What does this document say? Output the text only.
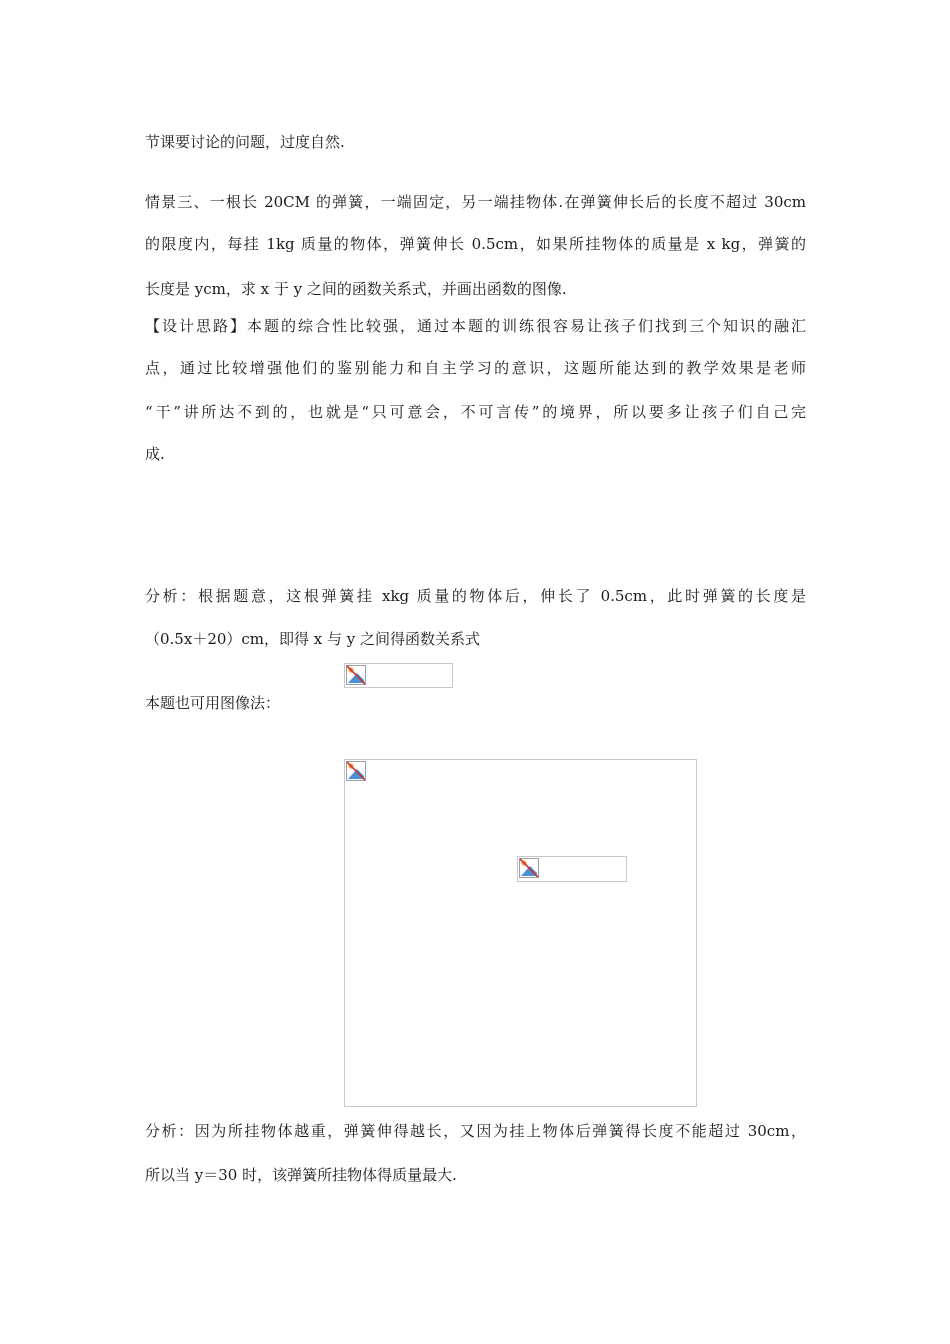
节课要讨论的问题，过度自然.
情景三、一根长 20CM 的弹簧，一端固定，另一端挂物体.在弹簧伸长后的长度不超过 30cm
的限度内，每挂 1kg 质量的物体，弹簧伸长 0.5cm，如果所挂物体的质量是 x kg，弹簧的
长度是 ycm，求 x 于 y 之间的函数关系式，并画出函数的图像.
【设计思路】本题的综合性比较强，通过本题的训练很容易让孩子们找到三个知识的融汇
点，通过比较增强他们的鉴别能力和自主学习的意识，这题所能达到的教学效果是老师
“干”讲所达不到的，也就是“只可意会，不可言传”的境界，所以要多让孩子们自己完
成.
分析：根据题意，这根弹簧挂 xkg 质量的物体后，伸长了 0.5cm，此时弹簧的长度是
（0.5x＋20）cm，即得 x 与 y 之间得函数关系式
本题也可用图像法：
分析：因为所挂物体越重，弹簧伸得越长，又因为挂上物体后弹簧得长度不能超过 30cm，
所以当 y＝30 时，该弹簧所挂物体得质量最大.
